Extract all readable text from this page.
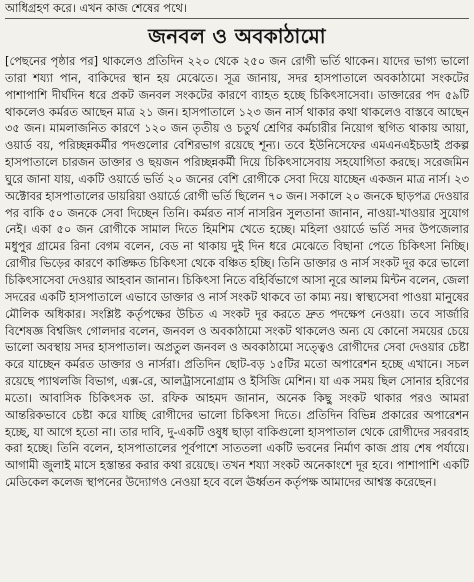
আধিগ্রহণ করে। এখন কাজ শেষের পথে।
জনবল ও অবকাঠামো

[পেছনের পৃষ্ঠার পর] থাকলেও প্রতিদিন ২২০ থেকে ২৫০ জন রোগী ভর্তি থাকেন। যাদের ভাগ্য ভালো তারা শয্যা পান, বাকিদের স্থান হয় মেঝেতে। সূত্র জানায়, সদর হাসপাতালে অবকাঠামো সংকটের পাশাপাশি দীর্ঘদিন ধরে প্রকট জনবল সংকটের কারণে ব্যাহত হচ্ছে চিকিৎসাসেবা। ডাক্তারের পদ ৫৯টি থাকলেও কর্মরত আছেন মাত্র ২১ জন। হাসপাতালে ১২৩ জন নার্স থাকার কথা থাকলেও বাস্তবে আছেন ৩৫ জন। মামলাজনিত কারণে ১২০ জন তৃতীয় ও চতুর্থ শ্রেণির কর্মচারীর নিয়োগ স্থগিত থাকায় আয়া, ওয়ার্ড বয়, পরিচ্ছন্নকর্মীর পদগুলোর বেশিরভাগ রয়েছে শূন্য। তবে ইউনিসেফের এমএনএইচডাই প্রকল্প হাসপাতালে চারজন ডাক্তার ও ছয়জন পরিচ্ছন্নকর্মী দিয়ে চিকিৎসাসেবায় সহযোগিতা করছে। সরেজমিন ঘুরে জানা যায়, একটি ওয়ার্ডে ভর্তি ২০ জনের বেশি রোগীকে সেবা দিয়ে যাচ্ছেন একজন মাত্র নার্স। ২৩ অক্টোবর হাসপাতালের ডায়রিয়া ওয়ার্ডে রোগী ভর্তি ছিলেন ৭০ জন। সকালে ২০ জনকে ছাড়পত্র দেওয়ার পর বাকি ৫০ জনকে সেবা দিচ্ছেন তিনি। কর্মরত নার্স নাসরিন সুলতানা জানান, নাওয়া-খাওয়ার সুযোগ নেই। একা ৫০ জন রোগীকে সামাল দিতে হিমশিম খেতে হচ্ছে। মহিলা ওয়ার্ডে ভর্তি সদর উপজেলার মধুপুর গ্রামের রিনা বেগম বলেন, বেড না থাকায় দুই দিন ধরে মেঝেতে বিছানা পেতে চিকিৎসা নিচ্ছি। রোগীর ভিড়ের কারণে কাঙ্ক্ষিত চিকিৎসা থেকে বঞ্চিত হচ্ছি। তিনি ডাক্তার ও নার্স সংকট দূর করে ভালো চিকিৎসাসেবা দেওয়ার আহবান জানান। চিকিৎসা নিতে বহির্বিভাগে আসা নূরে আলম মিন্টন বলেন, জেলা সদরের একটি হাসপাতালে এভাবে ডাক্তার ও নার্স সংকট থাকবে তা কাম্য নয়। স্বাস্থ্যসেবা পাওয়া মানুষের মৌলিক অধিকার। সংশ্লিষ্ট কর্তৃপক্ষের উচিত এ সংকট দূর করতে দ্রুত পদক্ষেপ নেওয়া। তবে সার্জারি বিশেষজ্ঞ বিশ্বজিৎ গোলদার বলেন, জনবল ও অবকাঠামো সংকট থাকলেও অন্য যে কোনো সময়ের চেয়ে ভালো অবস্থায় সদর হাসপাতাল। অপ্রতুল জনবল ও অবকাঠামো সত্ত্বেও রোগীদের সেবা দেওয়ার চেষ্টা করে যাচ্ছেন কর্মরত ডাক্তার ও নার্সরা। প্রতিদিন ছোট-বড় ১৫টির মতো অপারেশন হচ্ছে এখানে। সচল রয়েছে প্যাথলজি বিভাগ, এক্স-রে, আলট্রাসনোগ্রাম ও ইসিজি মেশিন। যা এক সময় ছিল সোনার হরিণের মতো। আবাসিক চিকিৎসক ডা. রফিক আহমদ জানান, অনেক কিছু সংকট থাকার পরও আমরা আন্তরিকভাবে চেষ্টা করে যাচ্ছি রোগীদের ভালো চিকিৎসা দিতে। প্রতিদিন বিভিন্ন প্রকারের অপারেশন হচ্ছে, যা আগে হতো না। তার দাবি, দু-একটি ওষুধ ছাড়া বাকিগুলো হাসপাতাল থেকে রোগীদের সরবরাহ করা হচ্ছে। তিনি বলেন, হাসপাতালের পূর্বপাশে সাততলা একটি ভবনের নির্মাণ কাজ প্রায় শেষ পর্যায়ে। আগামী জুলাই মাসে হস্তান্তর করার কথা রয়েছে। তখন শয্যা সংকট অনেকাংশে দূর হবে। পাশাপাশি একটি মেডিকেল কলেজ স্থাপনের উদ্যোগও নেওয়া হবে বলে ঊর্ধ্বতন কর্তৃপক্ষ আমাদের আশ্বস্ত করেছেন।
